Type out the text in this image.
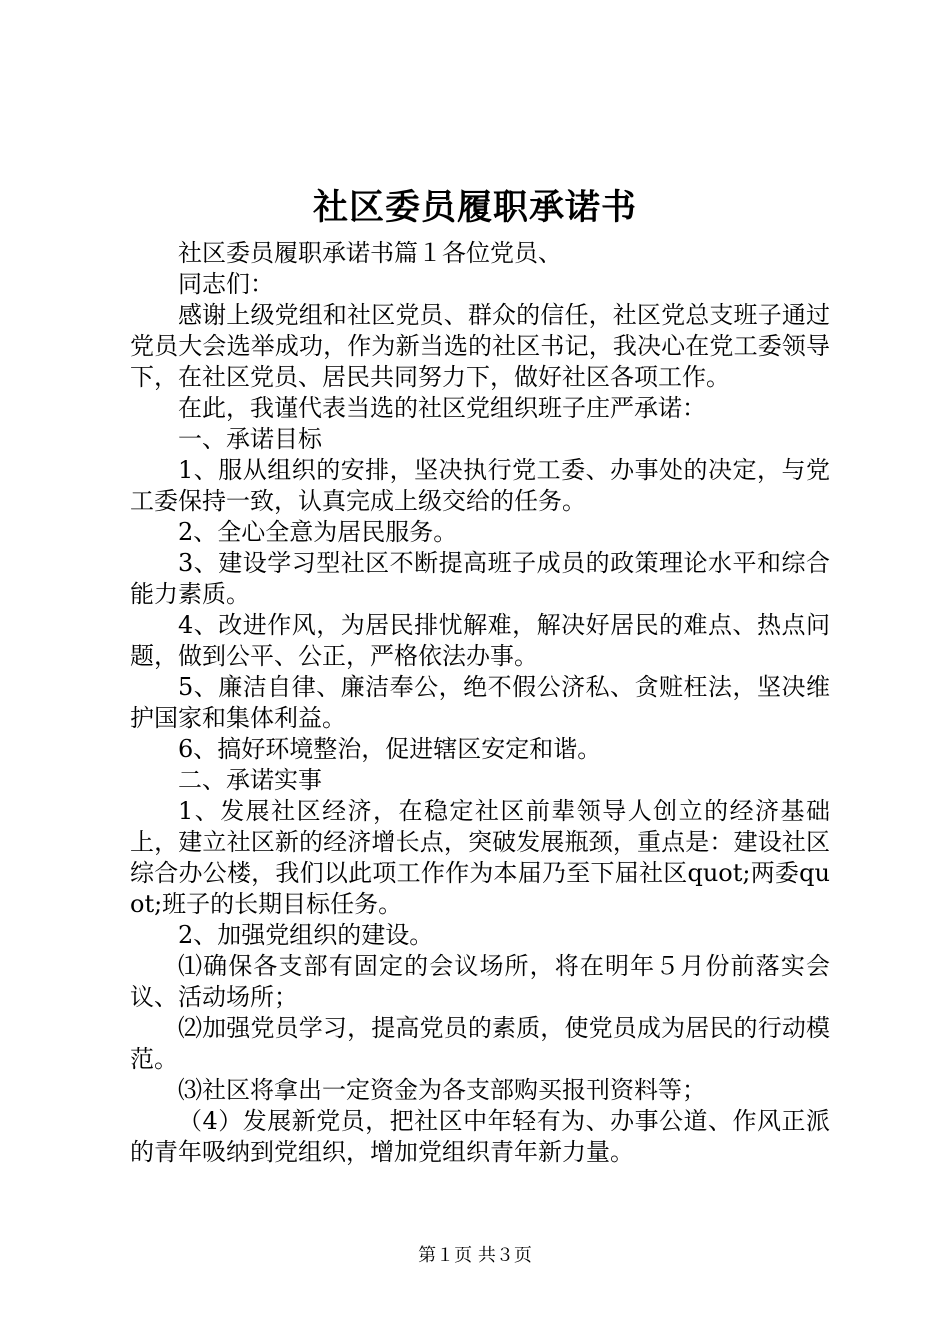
社区委员履职承诺书

社区委员履职承诺书篇１各位党员、

同志们：

感谢上级党组和社区党员、群众的信任，社区党总支班子通过党员大会选举成功，作为新当选的社区书记，我决心在党工委领导下，在社区党员、居民共同努力下，做好社区各项工作。

在此，我谨代表当选的社区党组织班子庄严承诺：

一、承诺目标

1、服从组织的安排，坚决执行党工委、办事处的决定，与党工委保持一致，认真完成上级交给的任务。

2、全心全意为居民服务。

3、建设学习型社区不断提高班子成员的政策理论水平和综合能力素质。

4、改进作风，为居民排忧解难，解决好居民的难点、热点问题，做到公平、公正，严格依法办事。

5、廉洁自律、廉洁奉公，绝不假公济私、贪赃枉法，坚决维护国家和集体利益。

6、搞好环境整治，促进辖区安定和谐。

二、承诺实事

1、发展社区经济，在稳定社区前辈领导人创立的经济基础上，建立社区新的经济增长点，突破发展瓶颈，重点是：建设社区综合办公楼，我们以此项工作作为本届乃至下届社区quot;两委quot;班子的长期目标任务。

2、加强党组织的建设。

⑴确保各支部有固定的会议场所，将在明年５月份前落实会议、活动场所；

⑵加强党员学习，提高党员的素质，使党员成为居民的行动模范。

⑶社区将拿出一定资金为各支部购买报刊资料等；

（4）发展新党员，把社区中年轻有为、办事公道、作风正派的青年吸纳到党组织，增加党组织青年新力量。

第１页 共３页
